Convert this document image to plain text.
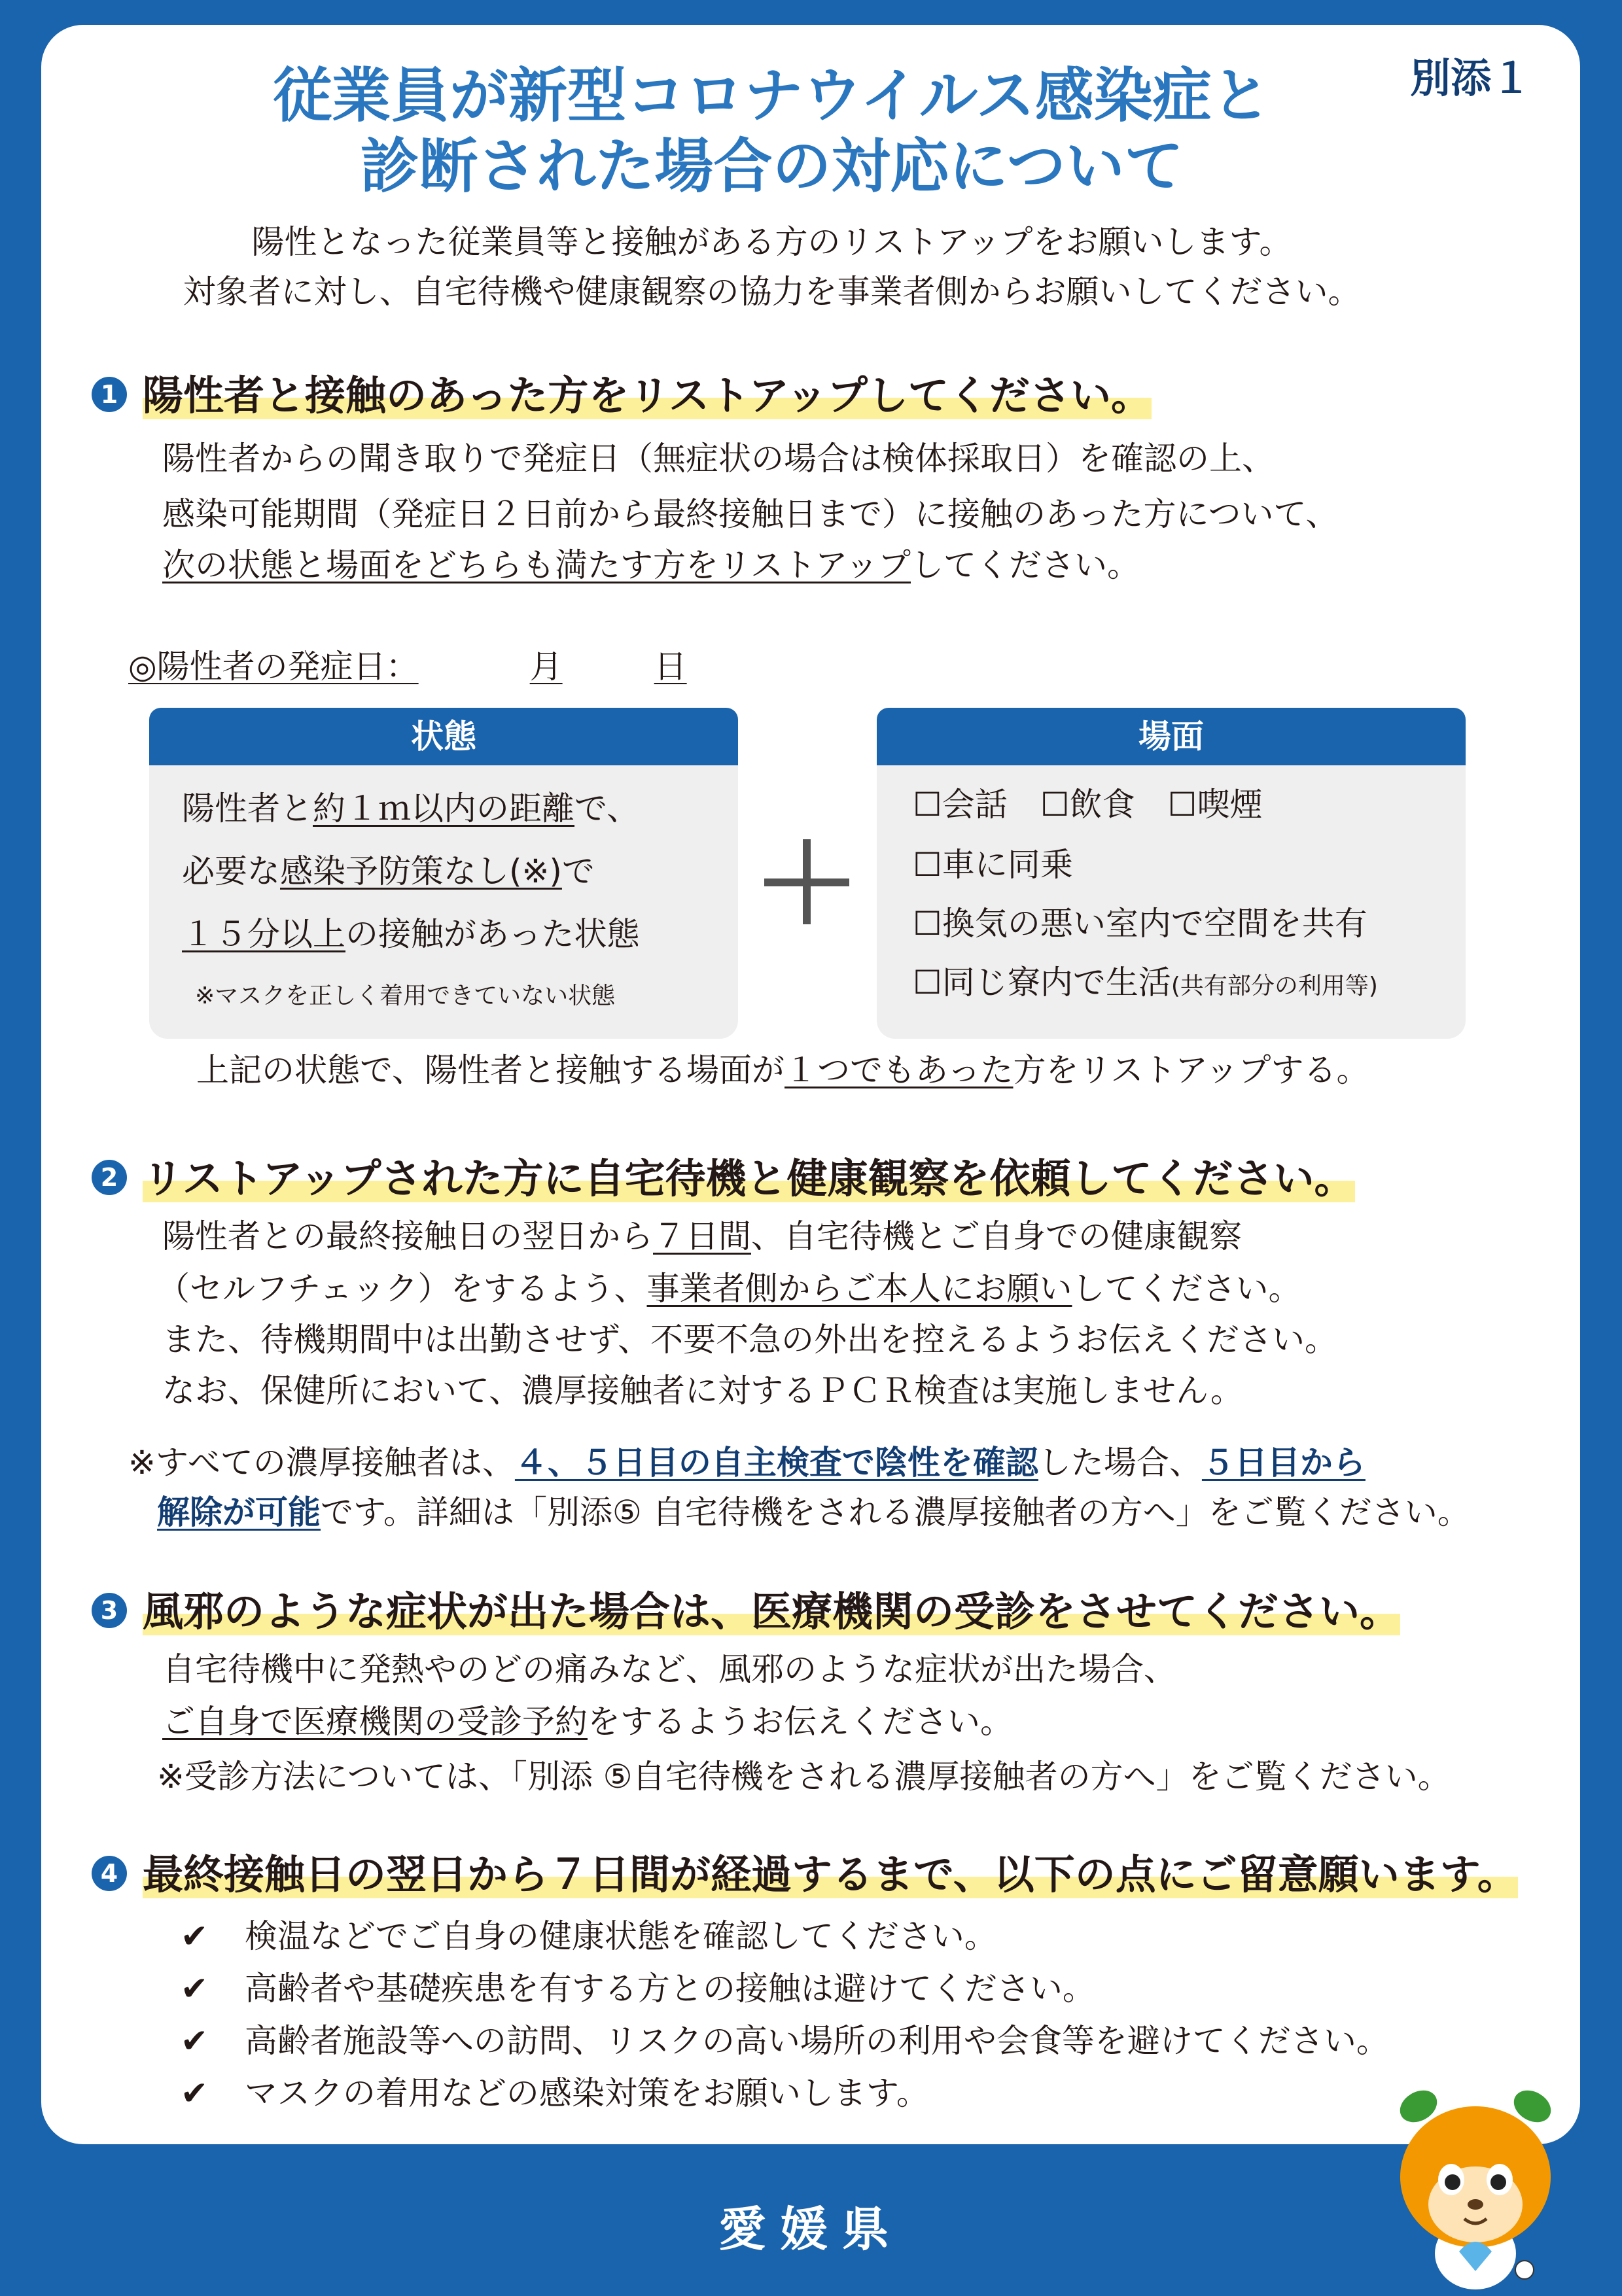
別添１
従業員が新型コロナウイルス感染症と
診断された場合の対応について
陽性となった従業員等と接触がある方のリストアップをお願いします。
対象者に対し、自宅待機や健康観察の協力を事業者側からお願いしてください。
1 陽性者と接触のあった方をリストアップしてください。
陽性者からの聞き取りで発症日（無症状の場合は検体採取日）を確認の上、
感染可能期間（発症日２日前から最終接触日まで）に接触のあった方について、
次の状態と場面をどちらも満たす方をリストアップしてください。
◎陽性者の発症日：	月	日
状態
陽性者と約１ｍ以内の距離で、
必要な感染予防策なし(※)で
１５分以上の接触があった状態
※マスクを正しく着用できていない状態
場面
☐会話　☐飲食　☐喫煙
☐車に同乗
☐換気の悪い室内で空間を共有
☐同じ寮内で生活(共有部分の利用等)
上記の状態で、陽性者と接触する場面が１つでもあった方をリストアップする。
2 リストアップされた方に自宅待機と健康観察を依頼してください。
陽性者との最終接触日の翌日から７日間、自宅待機とご自身での健康観察
（セルフチェック）をするよう、事業者側からご本人にお願いしてください。
また、待機期間中は出勤させず、不要不急の外出を控えるようお伝えください。
なお、保健所において、濃厚接触者に対するＰＣＲ検査は実施しません。
※すべての濃厚接触者は、４、５日目の自主検査で陰性を確認した場合、５日目から
解除が可能です。詳細は「別添⑤ 自宅待機をされる濃厚接触者の方へ」をご覧ください。
3 風邪のような症状が出た場合は、医療機関の受診をさせてください。
自宅待機中に発熱やのどの痛みなど、風邪のような症状が出た場合、
ご自身で医療機関の受診予約をするようお伝えください。
※受診方法については、「別添 ⑤自宅待機をされる濃厚接触者の方へ」をご覧ください。
4 最終接触日の翌日から７日間が経過するまで、以下の点にご留意願います。
✔ 検温などでご自身の健康状態を確認してください。
✔ 高齢者や基礎疾患を有する方との接触は避けてください。
✔ 高齢者施設等への訪問、リスクの高い場所の利用や会食等を避けてください。
✔ マスクの着用などの感染対策をお願いします。
愛媛県
